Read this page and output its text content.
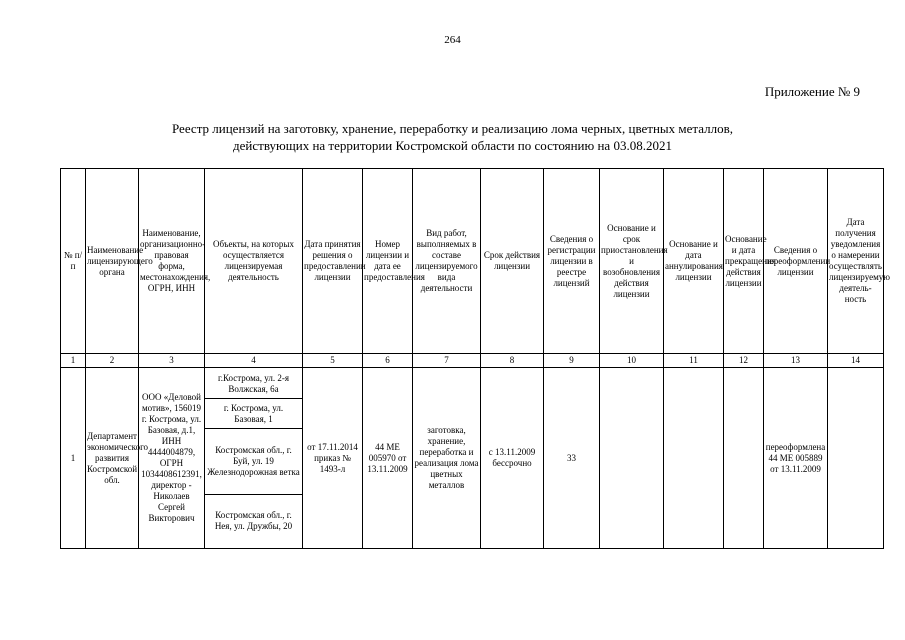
264
Приложение № 9
Реестр лицензий на заготовку, хранение, переработку и реализацию лома черных, цветных металлов,
действующих на территории Костромской области по состоянию на 03.08.2021
№ п/п	Наименование лицензирующего органа	Наименование, организационно-правовая форма, местонахождения, ОГРН, ИНН	Объекты, на которых осуществляется лицензируемая деятельность	Дата принятия решения о предоставлении лицензии	Номер лицензии и дата ее предоставления	Вид работ, выполняемых в составе лицензируемого вида деятельности	Срок действия лицензии	Сведения о регистрации лицензии в реестре лицензий	Основание и срок приостановления и возобновления действия лицензии	Основание и дата аннулирования лицензии	Основание и дата прекращения действия лицензии	Сведения о переоформлении лицензии	Дата получения уведомления о намерении осуществлять лицензируемую деятель-ность
1	2	3	4	5	6	7	8	9	10	11	12	13	14
1	Департамент экономического развития Костромской обл.	ООО «Деловой мотив», 156019 г. Кострома, ул. Базовая, д.1, ИНН 4444004879, ОГРН 1034408612391, директор - Николаев Сергей Викторович	г.Кострома, ул. 2-я Волжская, 6а
г. Кострома, ул. Базовая, 1
Костромская обл., г. Буй, ул. 19 Железнодорожная ветка
Костромская обл., г. Нея, ул. Дружбы, 20	от 17.11.2014 приказ № 1493-л	44 МЕ 005970 от 13.11.2009	заготовка, хранение, переработка и реализация лома цветных металлов	с 13.11.2009 бессрочно	33				переоформлена 44 МЕ 005889 от 13.11.2009	
